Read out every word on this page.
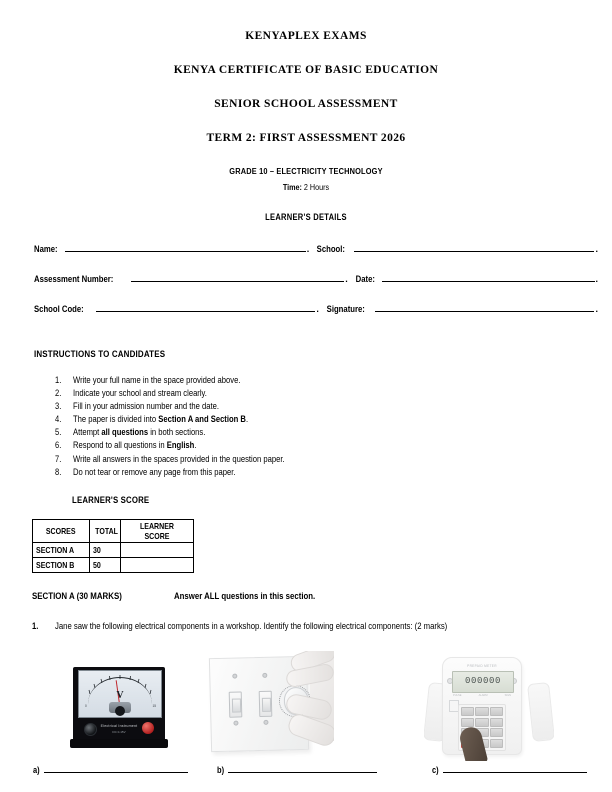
KENYAPLEX EXAMS
KENYA CERTIFICATE OF BASIC EDUCATION
SENIOR SCHOOL ASSESSMENT
TERM 2: FIRST ASSESSMENT 2026
GRADE 10 – ELECTRICITY TECHNOLOGY
Time: 2 Hours
LEARNER'S DETAILS
Name:	. School:	.
Assessment Number:	. Date:	.
School Code:	. Signature:	.
INSTRUCTIONS TO CANDIDATES
1.	Write your full name in the space provided above.
2.	Indicate your school and stream clearly.
3.	Fill in your admission number and the date.
4.	The paper is divided into Section A and Section B.
5.	Attempt all questions in both sections.
6.	Respond to all questions in English.
7.	Write all answers in the spaces provided in the question paper.
8.	Do not tear or remove any page from this paper.
LEARNER'S SCORE
SCORES	TOTAL	LEARNER SCORE
SECTION A	30	
SECTION B	50	
SECTION A (30 MARKS)	Answer ALL questions in this section.
1.	Jane saw the following electrical components in a workshop. Identify the following electrical components: (2 marks)
V
0	15
Electrical Instrument
DC 0-15V
PREPAID METER
000000
PULSE	ALARM	SIGN
a)	b)	c)
